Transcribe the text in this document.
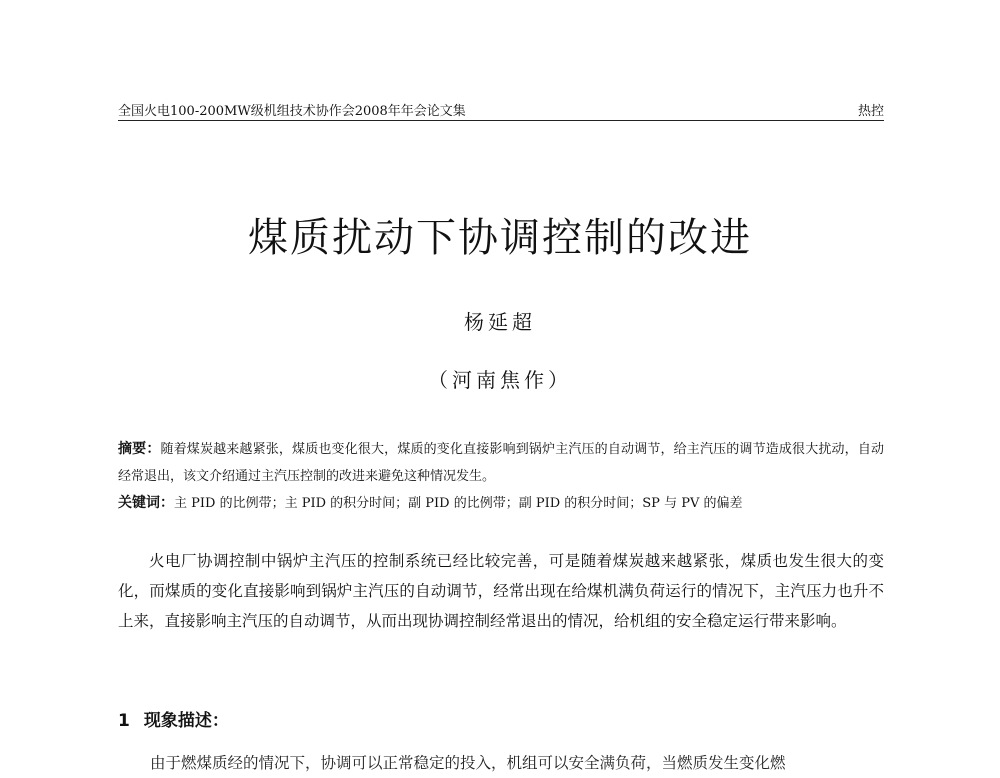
全国火电100-200MW级机组技术协作会2008年年会论文集	热控
煤质扰动下协调控制的改进
杨延超
（河南焦作）
摘要：随着煤炭越来越紧张，煤质也变化很大，煤质的变化直接影响到锅炉主汽压的自动调节，给主汽压的调节造成很大扰动，自动经常退出，该文介绍通过主汽压控制的改进来避免这种情况发生。
关键词：主 PID 的比例带；主 PID 的积分时间；副 PID 的比例带；副 PID 的积分时间；SP 与 PV 的偏差
火电厂协调控制中锅炉主汽压的控制系统已经比较完善，可是随着煤炭越来越紧张，煤质也发生很大的变化，而煤质的变化直接影响到锅炉主汽压的自动调节，经常出现在给煤机满负荷运行的情况下，主汽压力也升不上来，直接影响主汽压的自动调节，从而出现协调控制经常退出的情况，给机组的安全稳定运行带来影响。
1 现象描述：
由于燃煤质经的情况下，协调可以正常稳定的投入，机组可以安全满负荷，当燃质发生变化燃
